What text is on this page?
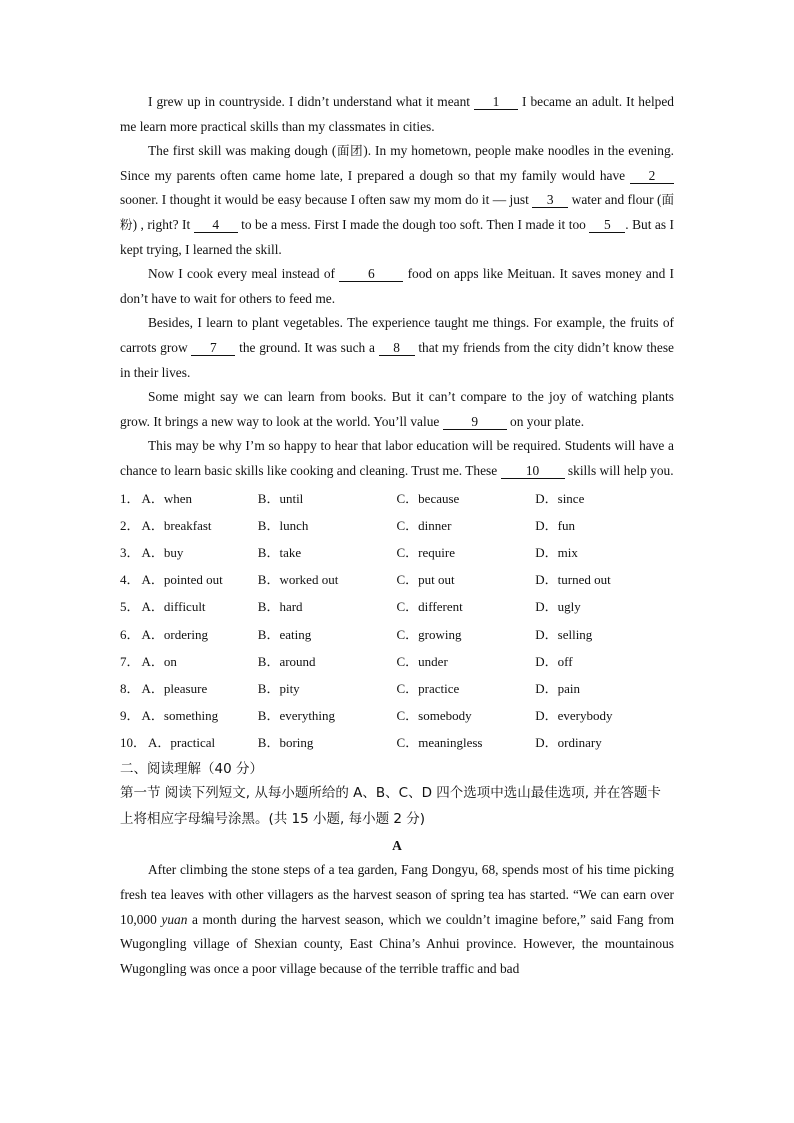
I grew up in countryside. I didn’t understand what it meant 1 I became an adult. It helped me learn more practical skills than my classmates in cities.

The first skill was making dough (面团). In my hometown, people make noodles in the evening. Since my parents often came home late, I prepared a dough so that my family would have 2 sooner. I thought it would be easy because I often saw my mom do it — just 3 water and flour (面粉) , right? It 4 to be a mess. First I made the dough too soft. Then I made it too 5 . But as I kept trying, I learned the skill.

Now I cook every meal instead of 6 food on apps like Meituan. It saves money and I don’t have to wait for others to feed me.

Besides, I learn to plant vegetables. The experience taught me things. For example, the fruits of carrots grow 7 the ground. It was such a 8 that my friends from the city didn’t know these in their lives.

Some might say we can learn from books. But it can’t compare to the joy of watching plants grow. It brings a new way to look at the world. You’ll value 9 on your plate.

This may be why I’m so happy to hear that labor education will be required. Students will have a chance to learn basic skills like cooking and cleaning. Trust me. These 10 skills will help you.

1． A．when	B．until	C．because	D．since
2． A．breakfast	B．lunch	C．dinner	D．fun
3． A．buy	B．take	C．require	D．mix
4． A．pointed out	B．worked out	C．put out	D．turned out
5． A．difficult	B．hard	C．different	D．ugly
6． A．ordering	B．eating	C．growing	D．selling
7． A．on	B．around	C．under	D．off
8． A．pleasure	B．pity	C．practice	D．pain
9． A．something	B．everything	C．somebody	D．everybody
10． A．practical	B．boring	C．meaningless	D．ordinary
二、阅读理解（40 分）
第一节 阅读下列短文, 从每小题所给的 A、B、C、D 四个选项中选山最佳选项, 并在答题卡上将相应字母编号涂黑。(共 15 小题, 每小题 2 分)
A

After climbing the stone steps of a tea garden, Fang Dongyu, 68, spends most of his time picking fresh tea leaves with other villagers as the harvest season of spring tea has started. “We can earn over 10,000 yuan a month during the harvest season, which we couldn’t imagine before,” said Fang from Wugongling village of Shexian county, East China’s Anhui province. However, the mountainous Wugongling was once a poor village because of the terrible traffic and bad
